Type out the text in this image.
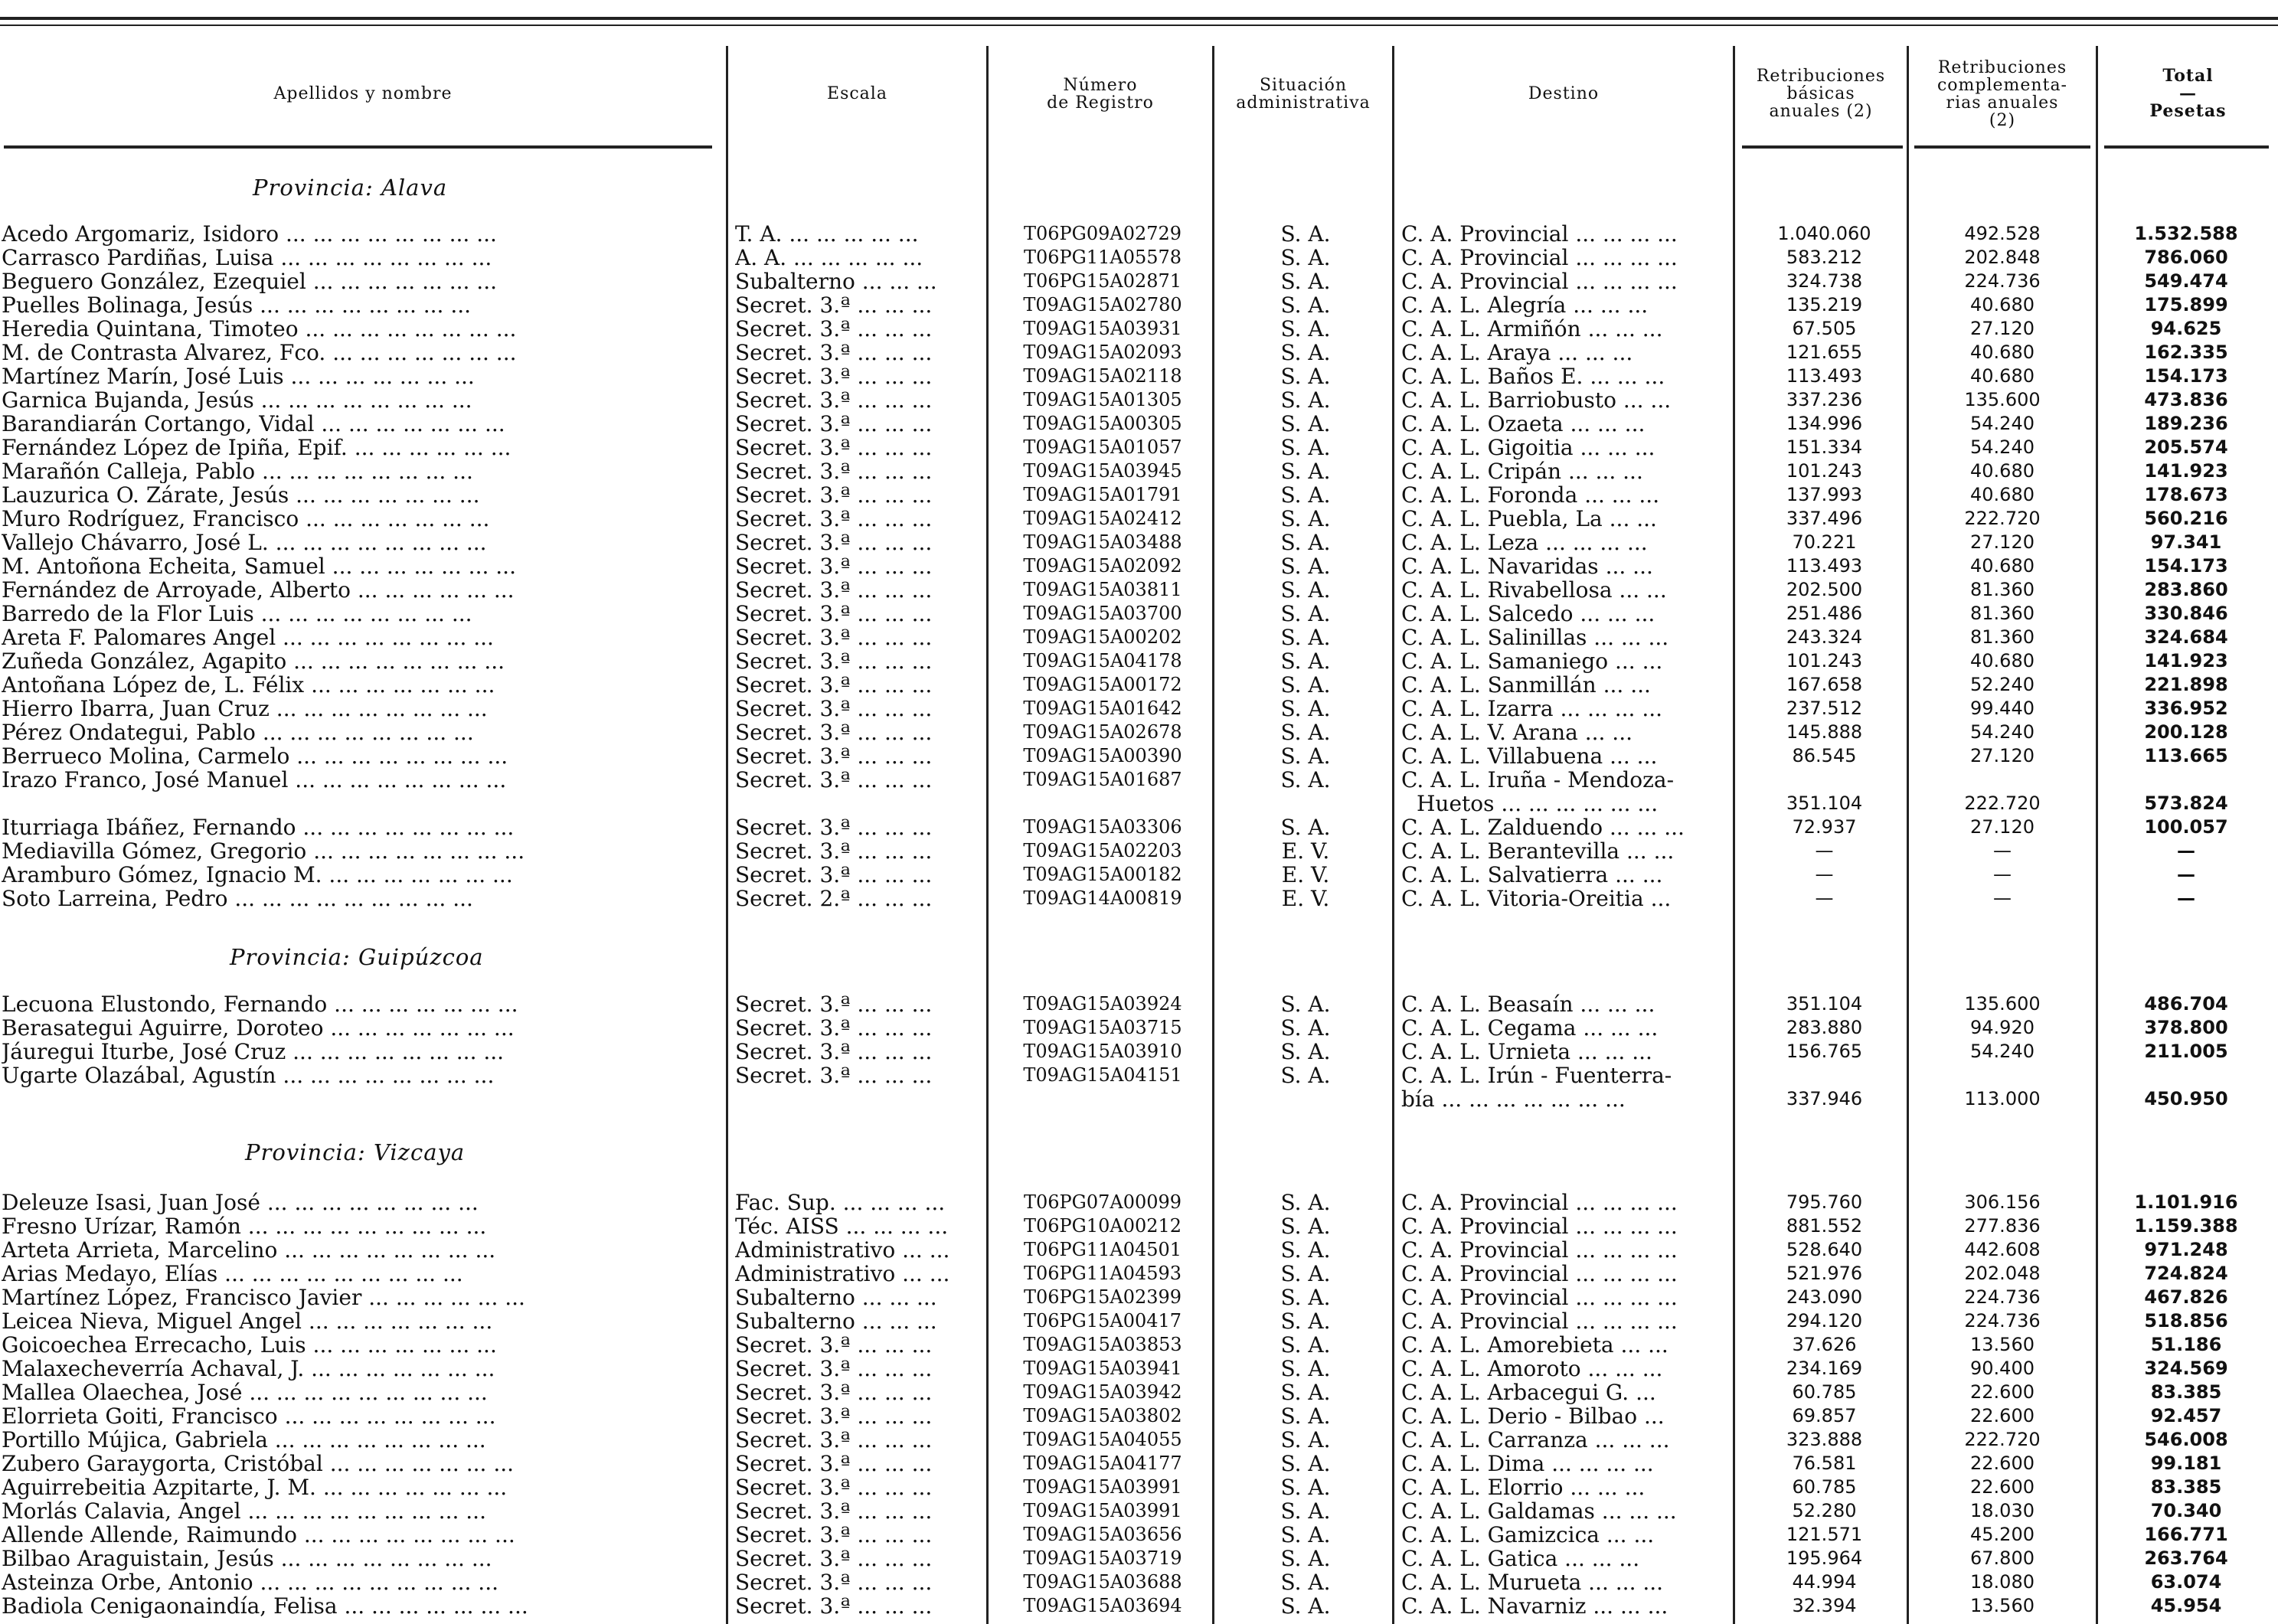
Apellidos y nombre	Escala	Número
de Registro
Situación
administrativa	Destino
Retribuciones
básicas
anuales (2)
Retribuciones
complementa-
rias anuales
(2)
Total
—
Pesetas
Provincia: Alava
Acedo Argomariz, Isidoro ... ... ... ... ... ... ... ...	T. A. ... ... ... ... ...	T06PG09A02729	S. A.	C. A. Provincial ... ... ... ...	1.040.060	492.528	1.532.588
Carrasco Pardiñas, Luisa ... ... ... ... ... ... ... ...	A. A. ... ... ... ... ...	T06PG11A05578	S. A.	C. A. Provincial ... ... ... ...	583.212	202.848	786.060
Beguero González, Ezequiel ... ... ... ... ... ... ...	Subalterno ... ... ...	T06PG15A02871	S. A.	C. A. Provincial ... ... ... ...	324.738	224.736	549.474
Puelles Bolinaga, Jesús ... ... ... ... ... ... ... ...	Secret. 3.ª ... ... ...	T09AG15A02780	S. A.	C. A. L. Alegría ... ... ...	135.219	40.680	175.899
Heredia Quintana, Timoteo ... ... ... ... ... ... ... ...	Secret. 3.ª ... ... ...	T09AG15A03931	S. A.	C. A. L. Armiñón ... ... ...	67.505	27.120	94.625
M. de Contrasta Alvarez, Fco. ... ... ... ... ... ... ...	Secret. 3.ª ... ... ...	T09AG15A02093	S. A.	C. A. L. Araya ... ... ...	121.655	40.680	162.335
Martínez Marín, José Luis ... ... ... ... ... ... ...	Secret. 3.ª ... ... ...	T09AG15A02118	S. A.	C. A. L. Baños E. ... ... ...	113.493	40.680	154.173
Garnica Bujanda, Jesús ... ... ... ... ... ... ... ...	Secret. 3.ª ... ... ...	T09AG15A01305	S. A.	C. A. L. Barriobusto ... ...	337.236	135.600	473.836
Barandiarán Cortango, Vidal ... ... ... ... ... ... ...	Secret. 3.ª ... ... ...	T09AG15A00305	S. A.	C. A. L. Ozaeta ... ... ...	134.996	54.240	189.236
Fernández López de Ipiña, Epif. ... ... ... ... ... ...	Secret. 3.ª ... ... ...	T09AG15A01057	S. A.	C. A. L. Gigoitia ... ... ...	151.334	54.240	205.574
Marañón Calleja, Pablo ... ... ... ... ... ... ... ...	Secret. 3.ª ... ... ...	T09AG15A03945	S. A.	C. A. L. Cripán ... ... ...	101.243	40.680	141.923
Lauzurica O. Zárate, Jesús ... ... ... ... ... ... ...	Secret. 3.ª ... ... ...	T09AG15A01791	S. A.	C. A. L. Foronda ... ... ...	137.993	40.680	178.673
Muro Rodríguez, Francisco ... ... ... ... ... ... ...	Secret. 3.ª ... ... ...	T09AG15A02412	S. A.	C. A. L. Puebla, La ... ...	337.496	222.720	560.216
Vallejo Chávarro, José L. ... ... ... ... ... ... ... ...	Secret. 3.ª ... ... ...	T09AG15A03488	S. A.	C. A. L. Leza ... ... ... ...	70.221	27.120	97.341
M. Antoñona Echeita, Samuel ... ... ... ... ... ... ...	Secret. 3.ª ... ... ...	T09AG15A02092	S. A.	C. A. L. Navaridas ... ...	113.493	40.680	154.173
Fernández de Arroyade, Alberto ... ... ... ... ... ...	Secret. 3.ª ... ... ...	T09AG15A03811	S. A.	C. A. L. Rivabellosa ... ...	202.500	81.360	283.860
Barredo de la Flor Luis ... ... ... ... ... ... ... ...	Secret. 3.ª ... ... ...	T09AG15A03700	S. A.	C. A. L. Salcedo ... ... ...	251.486	81.360	330.846
Areta F. Palomares Angel ... ... ... ... ... ... ... ...	Secret. 3.ª ... ... ...	T09AG15A00202	S. A.	C. A. L. Salinillas ... ... ...	243.324	81.360	324.684
Zuñeda González, Agapito ... ... ... ... ... ... ... ...	Secret. 3.ª ... ... ...	T09AG15A04178	S. A.	C. A. L. Samaniego ... ...	101.243	40.680	141.923
Antoñana López de, L. Félix ... ... ... ... ... ... ...	Secret. 3.ª ... ... ...	T09AG15A00172	S. A.	C. A. L. Sanmillán ... ...	167.658	52.240	221.898
Hierro Ibarra, Juan Cruz ... ... ... ... ... ... ... ...	Secret. 3.ª ... ... ...	T09AG15A01642	S. A.	C. A. L. Izarra ... ... ... ...	237.512	99.440	336.952
Pérez Ondategui, Pablo ... ... ... ... ... ... ... ...	Secret. 3.ª ... ... ...	T09AG15A02678	S. A.	C. A. L. V. Arana ... ...	145.888	54.240	200.128
Berrueco Molina, Carmelo ... ... ... ... ... ... ... ...	Secret. 3.ª ... ... ...	T09AG15A00390	S. A.	C. A. L. Villabuena ... ...	86.545	27.120	113.665
Irazo Franco, José Manuel ... ... ... ... ... ... ... ...	Secret. 3.ª ... ... ...	T09AG15A01687	S. A.	C. A. L. Iruña - Mendoza-
Huetos ... ... ... ... ... ...	351.104	222.720	573.824
Iturriaga Ibáñez, Fernando ... ... ... ... ... ... ... ...	Secret. 3.ª ... ... ...	T09AG15A03306	S. A.	C. A. L. Zalduendo ... ... ...	72.937	27.120	100.057
Mediavilla Gómez, Gregorio ... ... ... ... ... ... ... ...	Secret. 3.ª ... ... ...	T09AG15A02203	E. V.	C. A. L. Berantevilla ... ...	—	—	—
Aramburo Gómez, Ignacio M. ... ... ... ... ... ... ...	Secret. 3.ª ... ... ...	T09AG15A00182	E. V.	C. A. L. Salvatierra ... ...	—	—	—
Soto Larreina, Pedro ... ... ... ... ... ... ... ... ...	Secret. 2.ª ... ... ...	T09AG14A00819	E. V.	C. A. L. Vitoria-Oreitia ...	—	—	—
Provincia: Guipúzcoa
Lecuona Elustondo, Fernando ... ... ... ... ... ... ...	Secret. 3.ª ... ... ...	T09AG15A03924	S. A.	C. A. L. Beasaín ... ... ...	351.104	135.600	486.704
Berasategui Aguirre, Doroteo ... ... ... ... ... ... ...	Secret. 3.ª ... ... ...	T09AG15A03715	S. A.	C. A. L. Cegama ... ... ...	283.880	94.920	378.800
Jáuregui Iturbe, José Cruz ... ... ... ... ... ... ... ...	Secret. 3.ª ... ... ...	T09AG15A03910	S. A.	C. A. L. Urnieta ... ... ...	156.765	54.240	211.005
Ugarte Olazábal, Agustín ... ... ... ... ... ... ... ...	Secret. 3.ª ... ... ...	T09AG15A04151	S. A.	C. A. L. Irún - Fuenterra-
bía ... ... ... ... ... ... ...	337.946	113.000	450.950
Provincia: Vizcaya
Deleuze Isasi, Juan José ... ... ... ... ... ... ... ...	Fac. Sup. ... ... ... ...	T06PG07A00099	S. A.	C. A. Provincial ... ... ... ...	795.760	306.156	1.101.916
Fresno Urízar, Ramón ... ... ... ... ... ... ... ... ...	Téc. AISS ... ... ... ...	T06PG10A00212	S. A.	C. A. Provincial ... ... ... ...	881.552	277.836	1.159.388
Arteta Arrieta, Marcelino ... ... ... ... ... ... ... ...	Administrativo ... ...	T06PG11A04501	S. A.	C. A. Provincial ... ... ... ...	528.640	442.608	971.248
Arias Medayo, Elías ... ... ... ... ... ... ... ... ...	Administrativo ... ...	T06PG11A04593	S. A.	C. A. Provincial ... ... ... ...	521.976	202.048	724.824
Martínez López, Francisco Javier ... ... ... ... ... ...	Subalterno ... ... ...	T06PG15A02399	S. A.	C. A. Provincial ... ... ... ...	243.090	224.736	467.826
Leicea Nieva, Miguel Angel ... ... ... ... ... ... ...	Subalterno ... ... ...	T06PG15A00417	S. A.	C. A. Provincial ... ... ... ...	294.120	224.736	518.856
Goicoechea Errecacho, Luis ... ... ... ... ... ... ...	Secret. 3.ª ... ... ...	T09AG15A03853	S. A.	C. A. L. Amorebieta ... ...	37.626	13.560	51.186
Malaxecheverría Achaval, J. ... ... ... ... ... ... ...	Secret. 3.ª ... ... ...	T09AG15A03941	S. A.	C. A. L. Amoroto ... ... ...	234.169	90.400	324.569
Mallea Olaechea, José ... ... ... ... ... ... ... ... ...	Secret. 3.ª ... ... ...	T09AG15A03942	S. A.	C. A. L. Arbacegui G. ...	60.785	22.600	83.385
Elorrieta Goiti, Francisco ... ... ... ... ... ... ... ...	Secret. 3.ª ... ... ...	T09AG15A03802	S. A.	C. A. L. Derio - Bilbao ...	69.857	22.600	92.457
Portillo Mújica, Gabriela ... ... ... ... ... ... ... ...	Secret. 3.ª ... ... ...	T09AG15A04055	S. A.	C. A. L. Carranza ... ... ...	323.888	222.720	546.008
Zubero Garaygorta, Cristóbal ... ... ... ... ... ... ...	Secret. 3.ª ... ... ...	T09AG15A04177	S. A.	C. A. L. Dima ... ... ... ...	76.581	22.600	99.181
Aguirrebeitia Azpitarte, J. M. ... ... ... ... ... ... ...	Secret. 3.ª ... ... ...	T09AG15A03991	S. A.	C. A. L. Elorrio ... ... ...	60.785	22.600	83.385
Morlás Calavia, Angel ... ... ... ... ... ... ... ... ...	Secret. 3.ª ... ... ...	T09AG15A03991	S. A.	C. A. L. Galdamas ... ... ...	52.280	18.030	70.340
Allende Allende, Raimundo ... ... ... ... ... ... ... ...	Secret. 3.ª ... ... ...	T09AG15A03656	S. A.	C. A. L. Gamizcica ... ...	121.571	45.200	166.771
Bilbao Araguistain, Jesús ... ... ... ... ... ... ... ...	Secret. 3.ª ... ... ...	T09AG15A03719	S. A.	C. A. L. Gatica ... ... ...	195.964	67.800	263.764
Asteinza Orbe, Antonio ... ... ... ... ... ... ... ... ...	Secret. 3.ª ... ... ...	T09AG15A03688	S. A.	C. A. L. Murueta ... ... ...	44.994	18.080	63.074
Badiola Cenigaonaindía, Felisa ... ... ... ... ... ... ...	Secret. 3.ª ... ... ...	T09AG15A03694	S. A.	C. A. L. Navarniz ... ... ...	32.394	13.560	45.954
